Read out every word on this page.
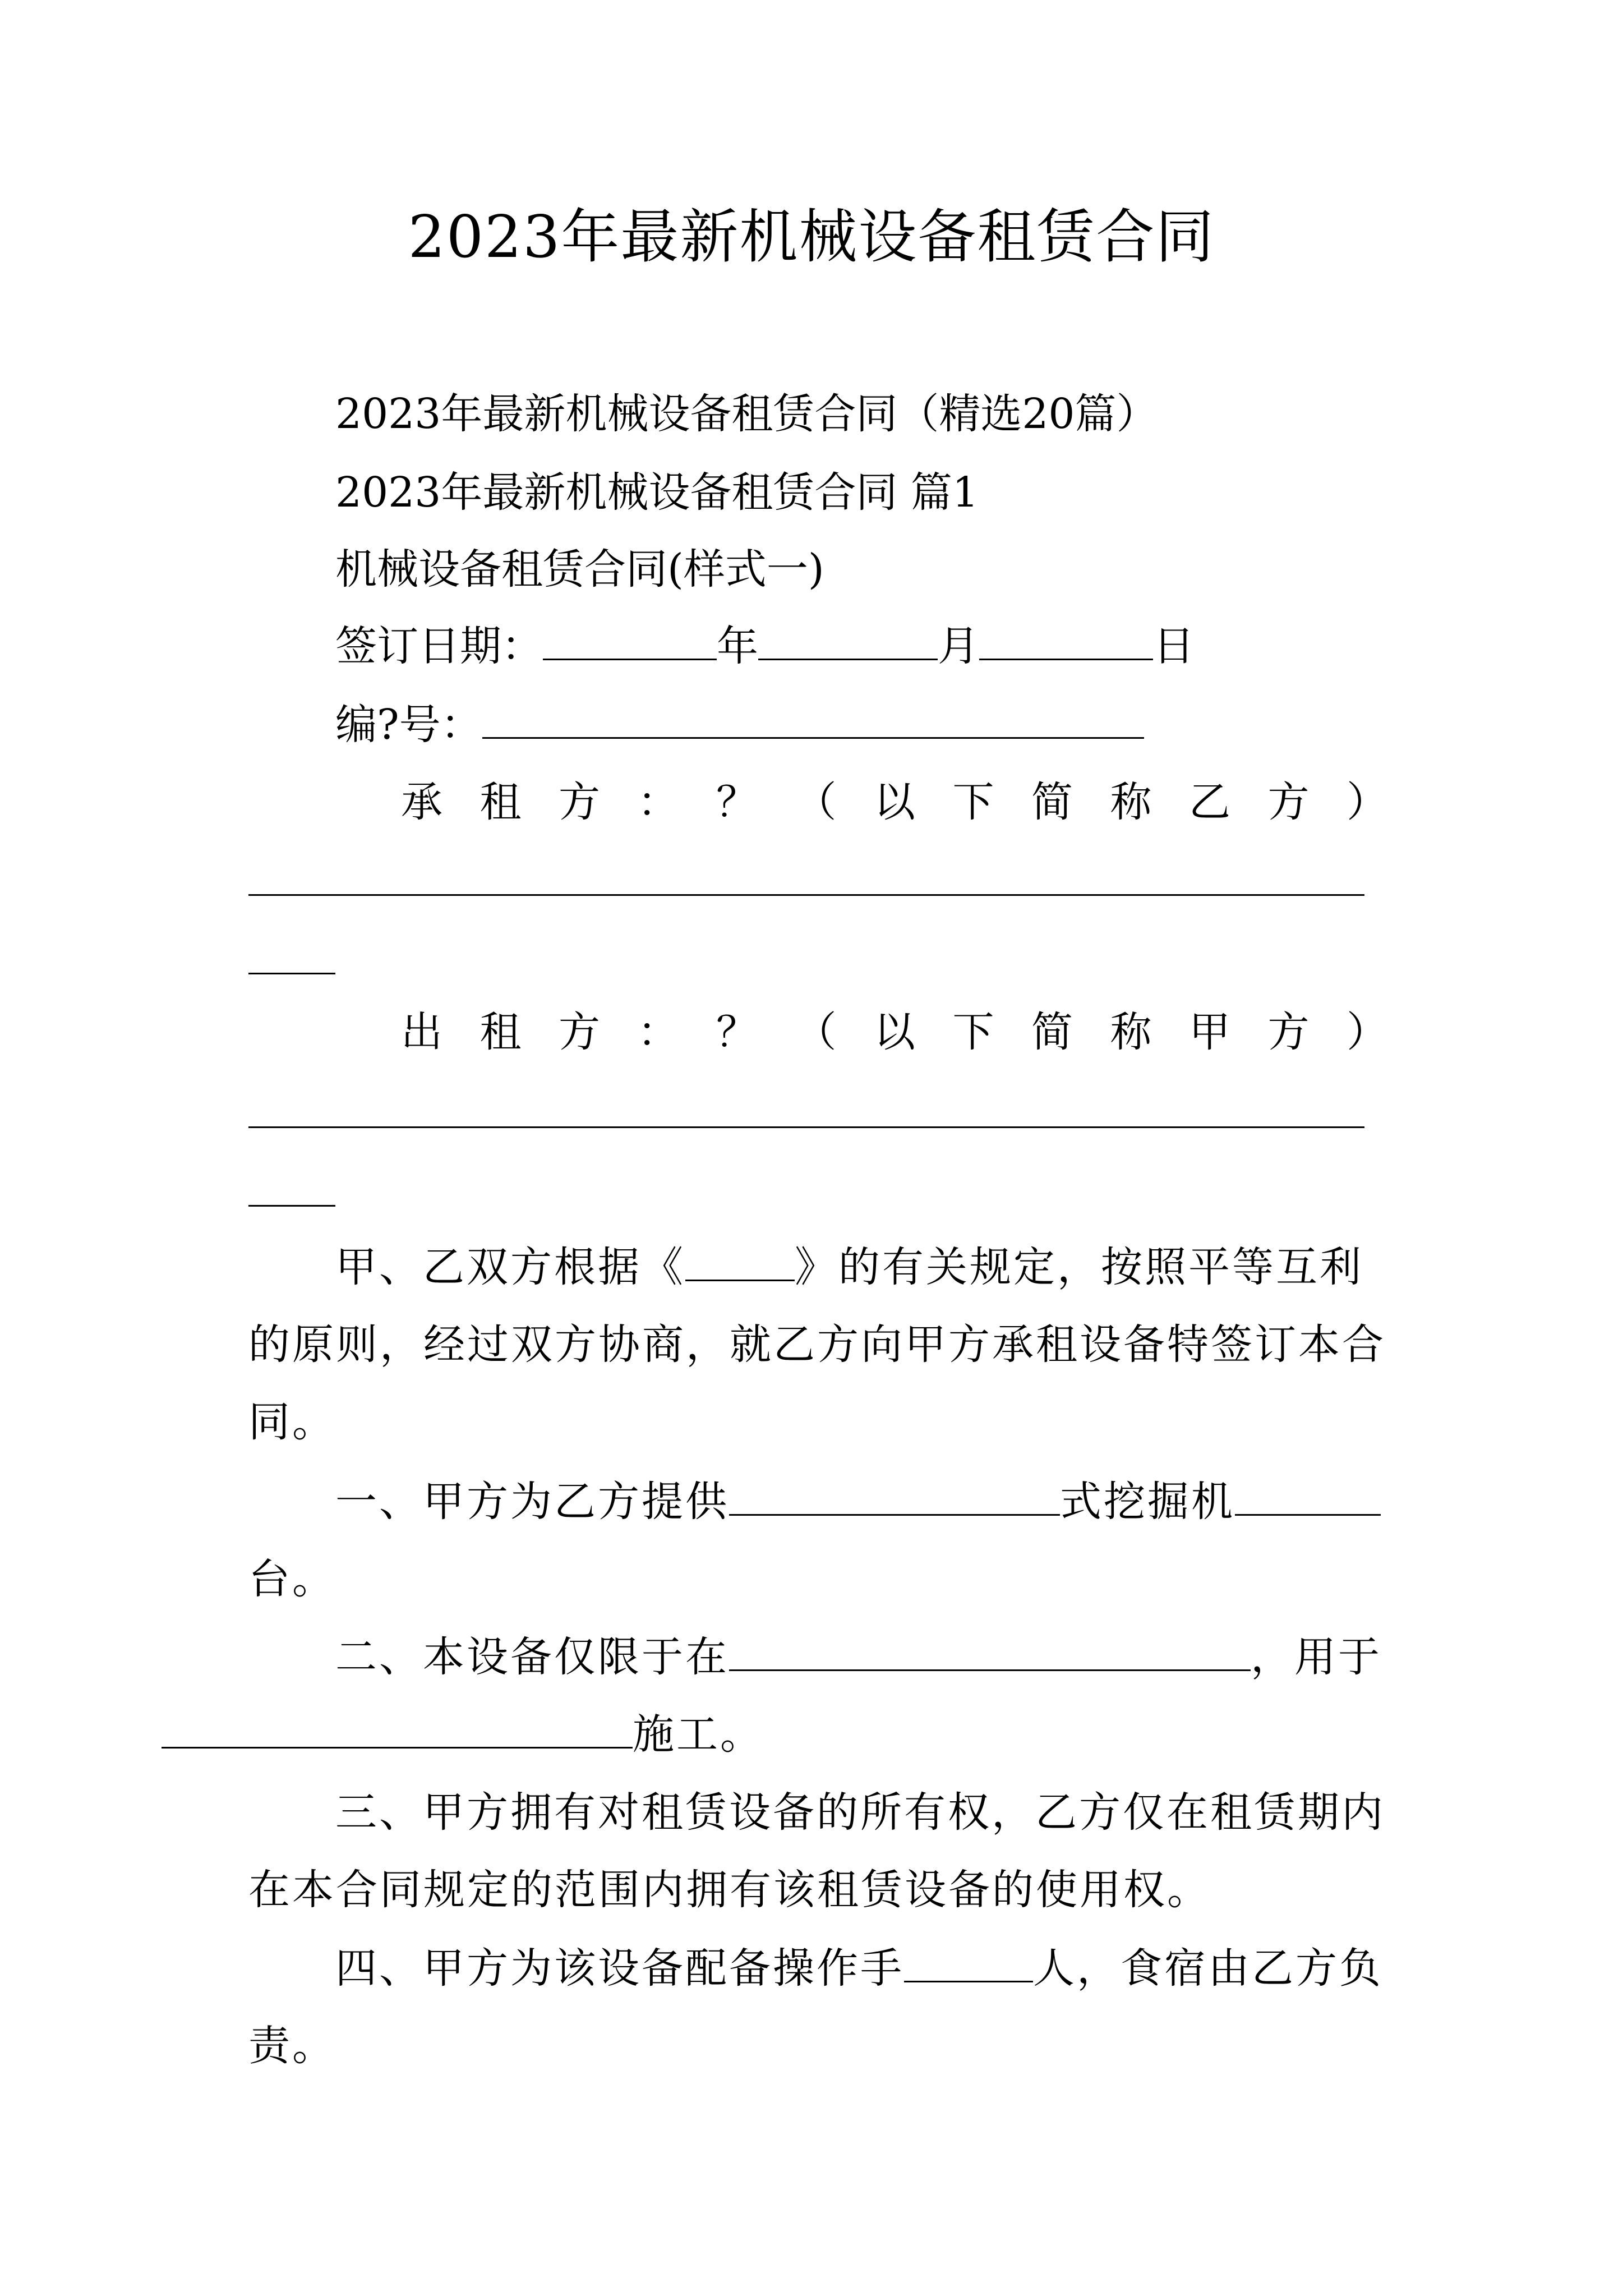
2023年最新机械设备租赁合同
2023年最新机械设备租赁合同（精选20篇）
2023年最新机械设备租赁合同 篇1
机械设备租赁合同(样式一)
签订日期：	年	月	日
编?号：
承 租 方 ： ？ （ 以 下 简 称 乙 方 ）
出 租 方 ： ？ （ 以 下 简 称 甲 方 ）
甲、乙双方根据《	》的有关规定，按照平等互利的原则，经过双方协商，就乙方向甲方承租设备特签订本合同。
一、甲方为乙方提供	式挖掘机台。
二、本设备仅限于在	，用于施工。
三、甲方拥有对租赁设备的所有权，乙方仅在租赁期内在本合同规定的范围内拥有该租赁设备的使用权。
四、甲方为该设备配备操作手	人，食宿由乙方负责。
